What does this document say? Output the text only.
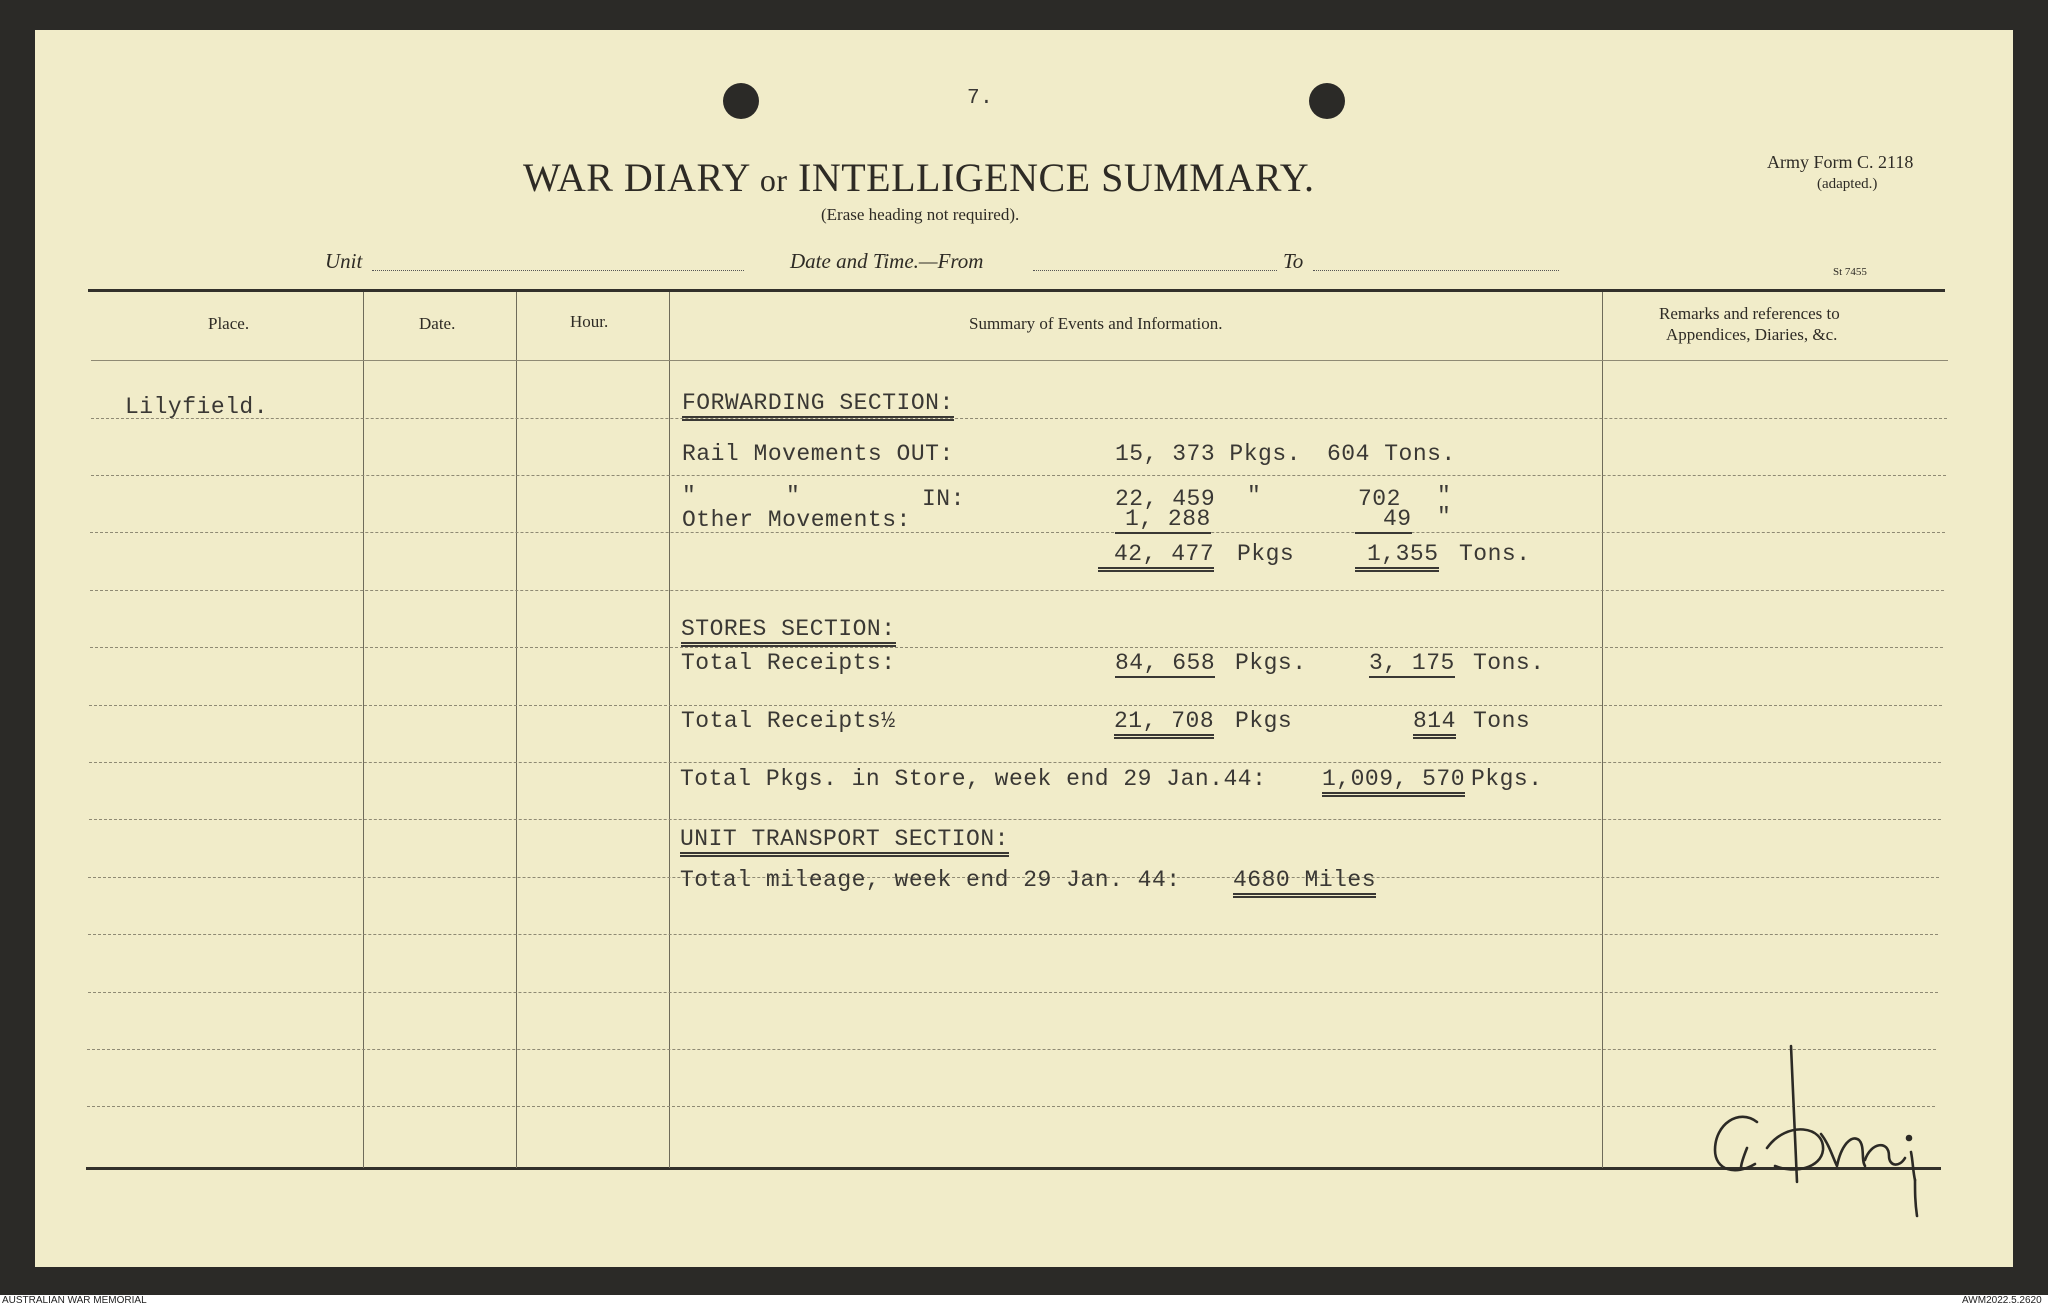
7.
WAR DIARY or INTELLIGENCE SUMMARY.
(Erase heading not required).
Army Form C. 2118
(adapted.)
St 7455
Unit	Date and Time.—From	To
Place.	Date.	Hour.	Summary of Events and Information.
Remarks and references to
Appendices, Diaries, &c.
Lilyfield.	FORWARDING SECTION:
Rail Movements OUT:	15, 373 Pkgs. 604 Tons.
"	"	IN:	22, 459 "	702 "
Other Movements:	1, 288	49 "
42, 477 Pkgs	1,355 Tons.
STORES SECTION:
Total Receipts:	84, 658 Pkgs.	3, 175 Tons.
Total Receipts½	21, 708 Pkgs	814 Tons
Total Pkgs. in Store, week end 29 Jan.44: 1,009, 570 Pkgs.
UNIT TRANSPORT SECTION:
Total mileage, week end 29 Jan. 44: 4680 Miles
AUSTRALIAN WAR MEMORIAL	AWM2022.5.2620
